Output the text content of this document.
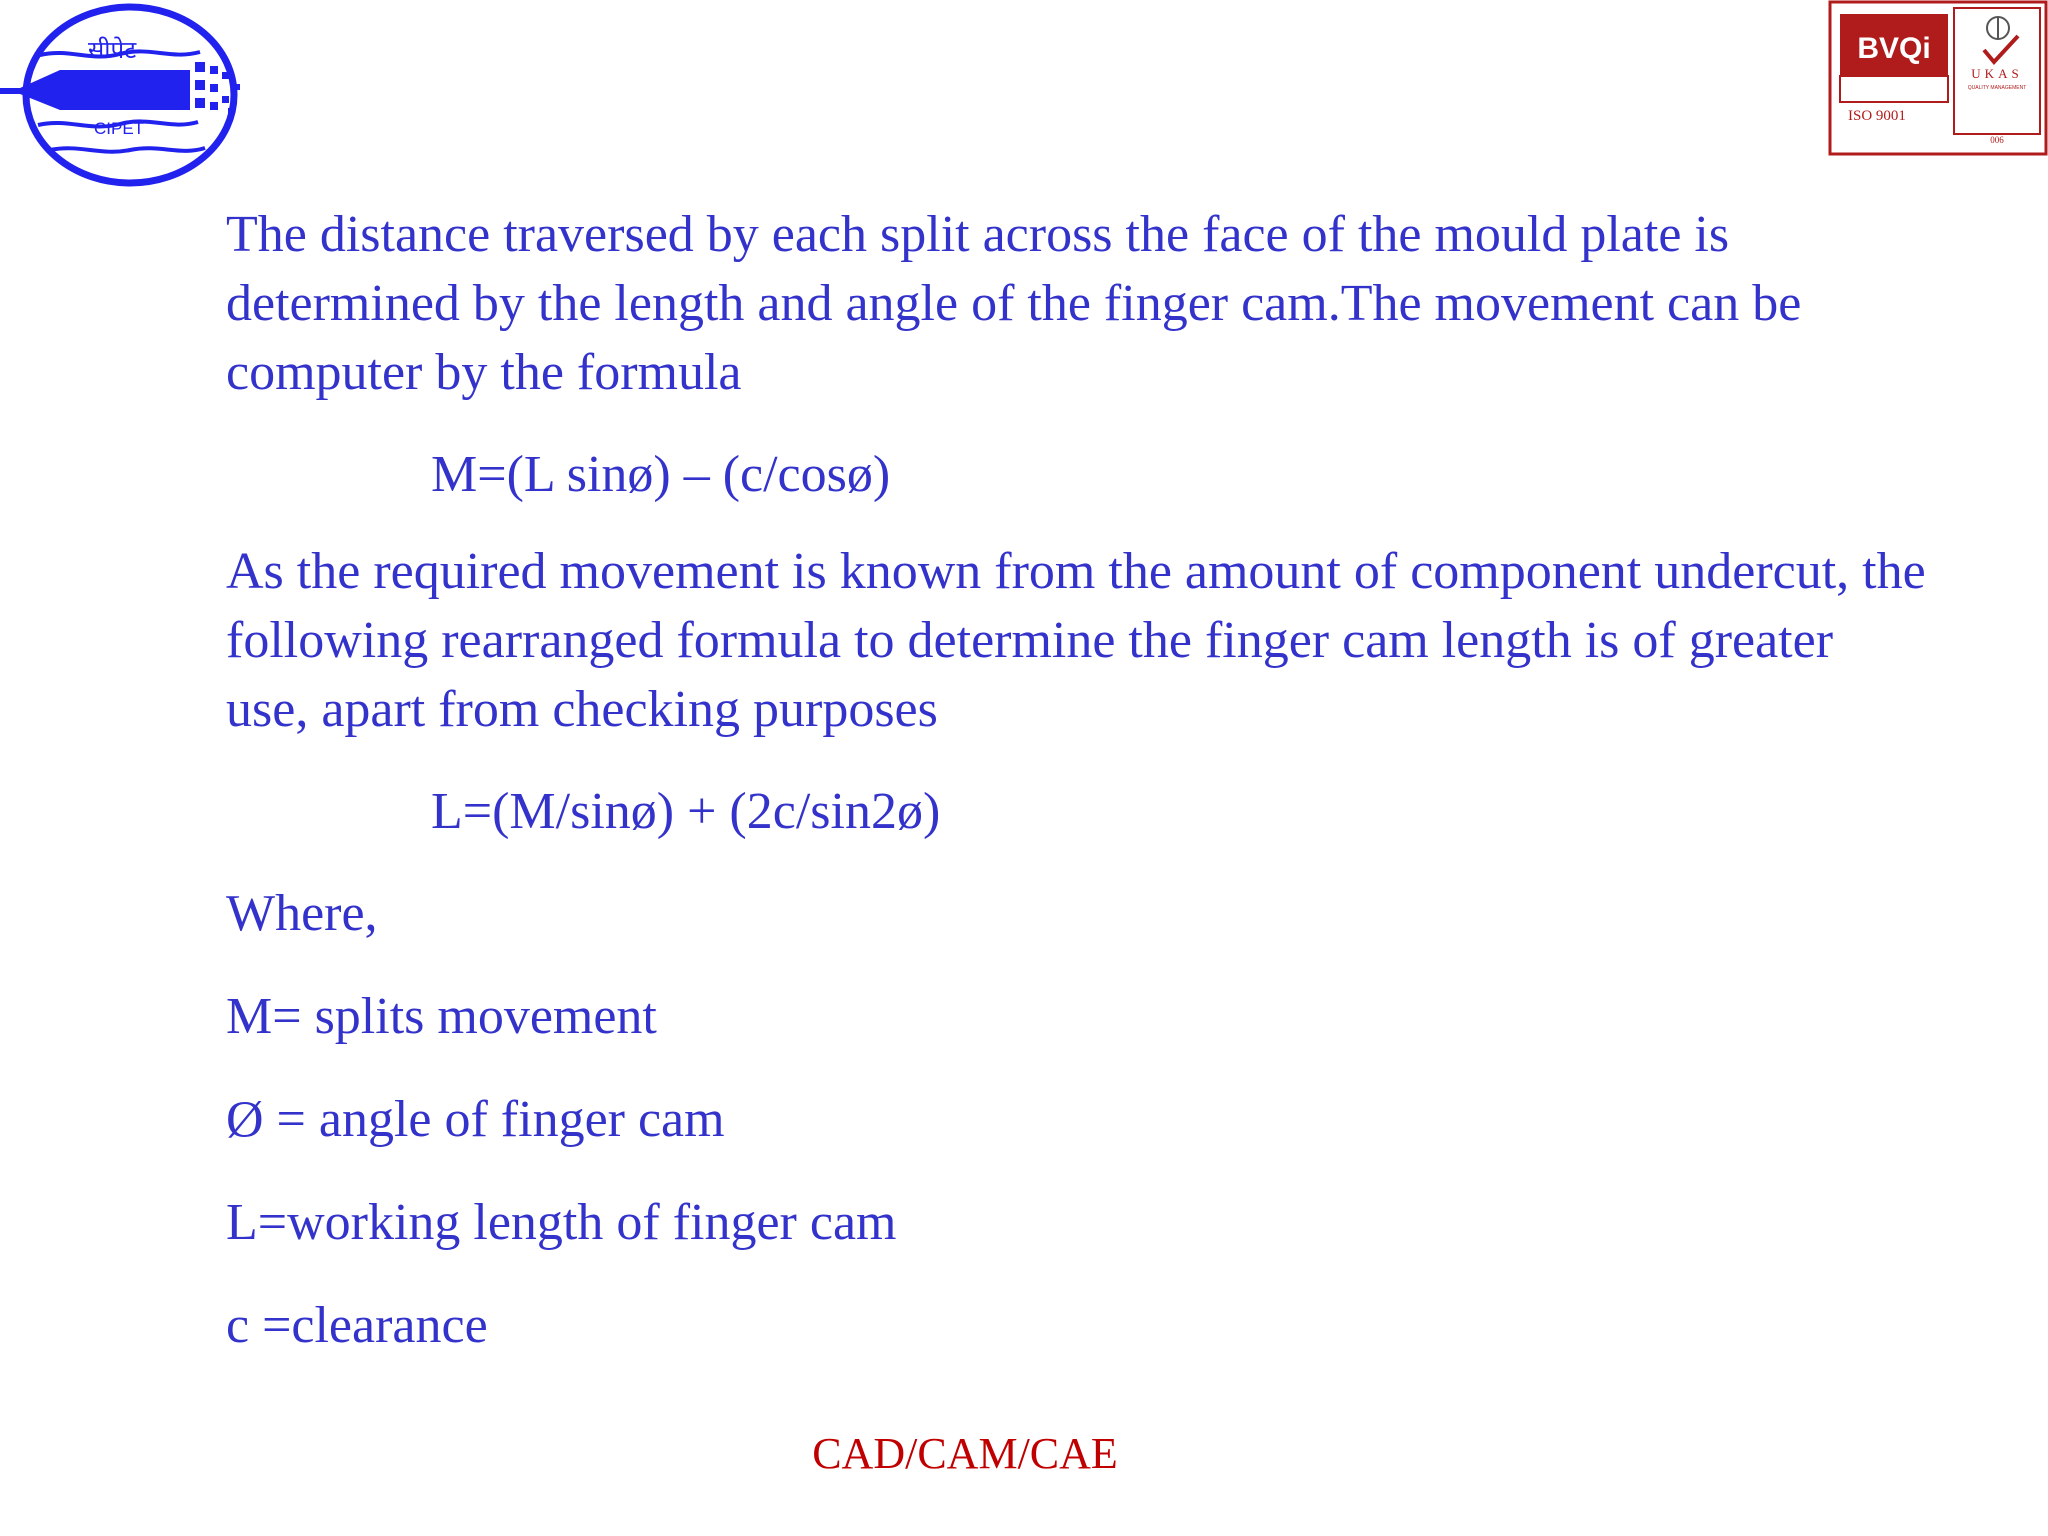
सीपेट
CIPET
BVQi
ISO 9001
UKAS
QUALITY MANAGEMENT
006

The distance traversed by each split across the face of the mould plate is determined by the length and angle of the finger cam.The movement can be computer by the formula

M=(L sinø) – (c/cosø)

As the required movement is known from the amount of component undercut, the following rearranged formula to determine the finger cam length is of greater use, apart from checking purposes

L=(M/sinø) + (2c/sin2ø)

Where,

M= splits movement

Ø = angle of finger cam

L=working length of finger cam

c =clearance

CAD/CAM/CAE
